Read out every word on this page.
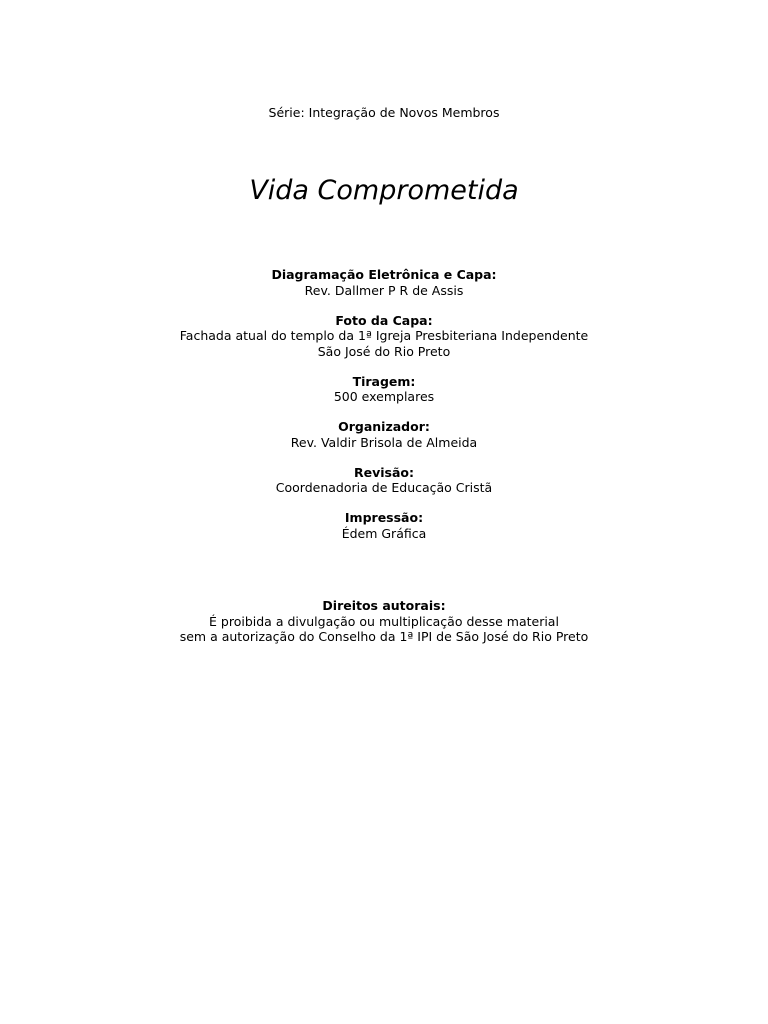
Série: Integração de Novos Membros
Vida Comprometida
Diagramação Eletrônica e Capa:
Rev. Dallmer P R de Assis
Foto da Capa:
Fachada atual do templo da 1ª Igreja Presbiteriana Independente
São José do Rio Preto
Tiragem:
500 exemplares
Organizador:
Rev. Valdir Brisola de Almeida
Revisão:
Coordenadoria de Educação Cristã
Impressão:
Édem Gráfica
Direitos autorais:
É proibida a divulgação ou multiplicação desse material
sem a autorização do Conselho da 1ª IPI de São José do Rio Preto
